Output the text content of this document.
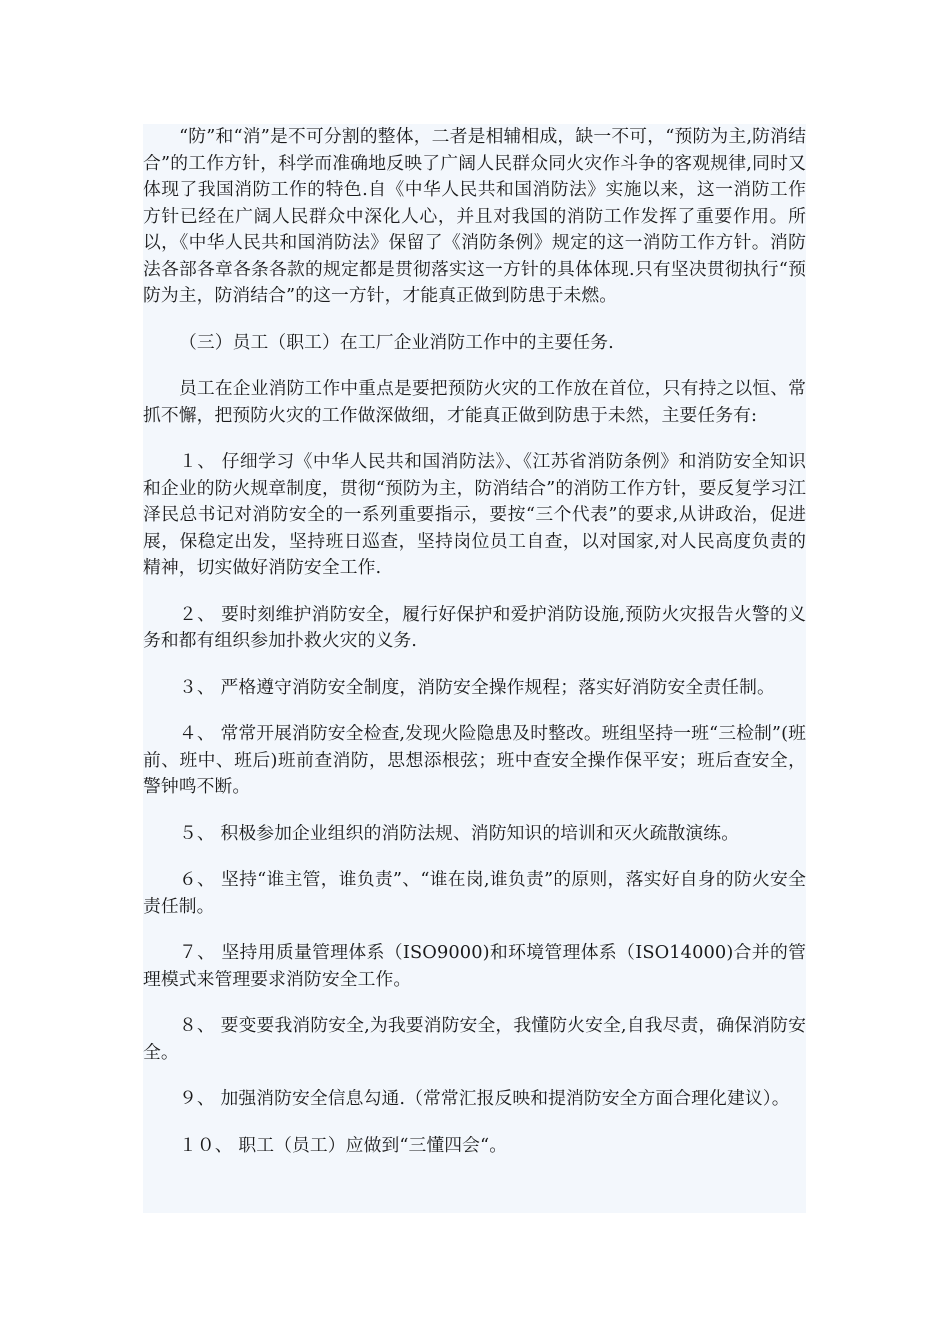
“防”和“消”是不可分割的整体，二者是相辅相成，缺一不可，“预防为主,防消结合”的工作方针，科学而准确地反映了广阔人民群众同火灾作斗争的客观规律,同时又体现了我国消防工作的特色.自《中华人民共和国消防法》实施以来，这一消防工作方针已经在广阔人民群众中深化人心，并且对我国的消防工作发挥了重要作用。所以，《中华人民共和国消防法》保留了《消防条例》规定的这一消防工作方针。消防法各部各章各条各款的规定都是贯彻落实这一方针的具体体现.只有坚决贯彻执行“预防为主，防消结合”的这一方针，才能真正做到防患于未燃。

（三）员工（职工）在工厂企业消防工作中的主要任务.

员工在企业消防工作中重点是要把预防火灾的工作放在首位，只有持之以恒、常抓不懈，把预防火灾的工作做深做细，才能真正做到防患于未然，主要任务有:

１、 仔细学习《中华人民共和国消防法》、《江苏省消防条例》和消防安全知识和企业的防火规章制度，贯彻“预防为主，防消结合”的消防工作方针，要反复学习江泽民总书记对消防安全的一系列重要指示，要按“三个代表”的要求,从讲政治，促进展，保稳定出发，坚持班日巡查，坚持岗位员工自查，以对国家,对人民高度负责的精神，切实做好消防安全工作.

２、 要时刻维护消防安全，履行好保护和爱护消防设施,预防火灾报告火警的义务和都有组织参加扑救火灾的义务.

３、 严格遵守消防安全制度，消防安全操作规程；落实好消防安全责任制。

４、 常常开展消防安全检查,发现火险隐患及时整改。班组坚持一班“三检制”(班前、班中、班后)班前查消防，思想添根弦；班中查安全操作保平安；班后查安全，警钟鸣不断。

５、 积极参加企业组织的消防法规、消防知识的培训和灭火疏散演练。

６、 坚持“谁主管，谁负责”、“谁在岗,谁负责”的原则，落实好自身的防火安全责任制。

７、 坚持用质量管理体系（ISO9000)和环境管理体系（ISO14000)合并的管理模式来管理要求消防安全工作。

８、 要变要我消防安全,为我要消防安全，我懂防火安全,自我尽责，确保消防安全。

９、 加强消防安全信息勾通.（常常汇报反映和提消防安全方面合理化建议）。

１０、 职工（员工）应做到“三懂四会“。
